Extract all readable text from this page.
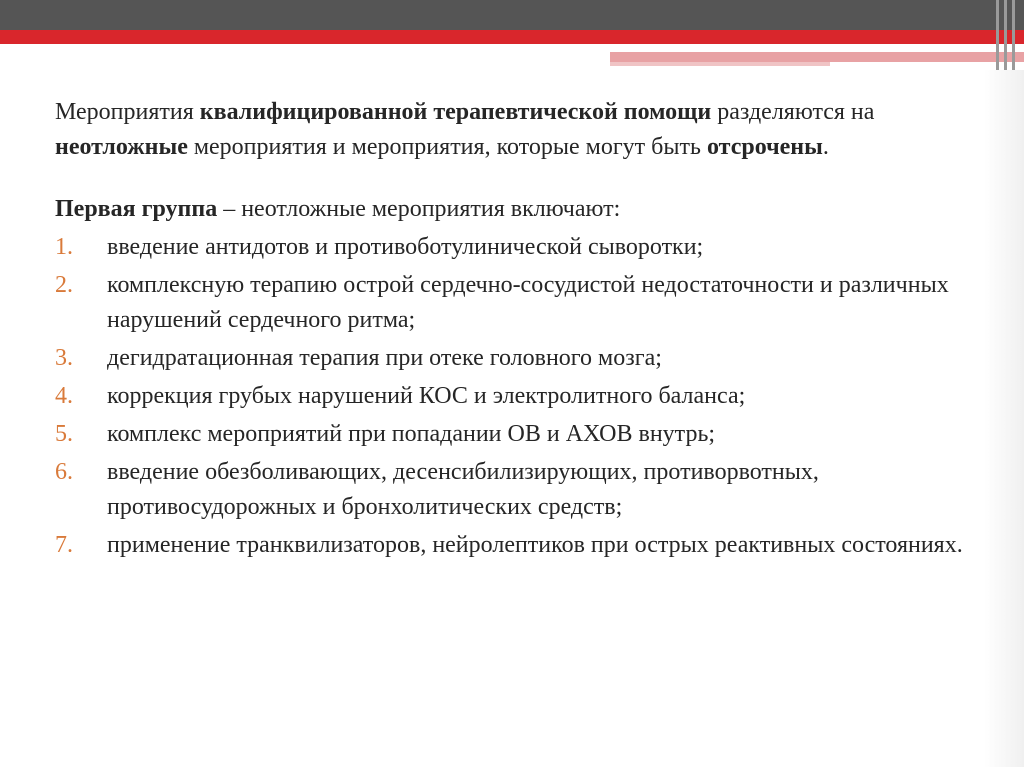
Мероприятия квалифицированной терапевтической помощи разделяются на неотложные мероприятия и мероприятия, которые могут быть отсрочены.

Первая группа – неотложные мероприятия включают:

1. введение антидотов и противоботулинической сыворотки;
2. комплексную терапию острой сердечно-сосудистой недостаточности и различных нарушений сердечного ритма;
3. дегидратационная терапия при отеке головного мозга;
4. коррекция грубых нарушений КОС и электролитного баланса;
5. комплекс мероприятий при попадании ОВ и АХОВ внутрь;
6. введение обезболивающих, десенсибилизирующих, противорвотных, противосудорожных и бронхолитических средств;
7. применение транквилизаторов, нейролептиков при острых реактивных состояниях.
